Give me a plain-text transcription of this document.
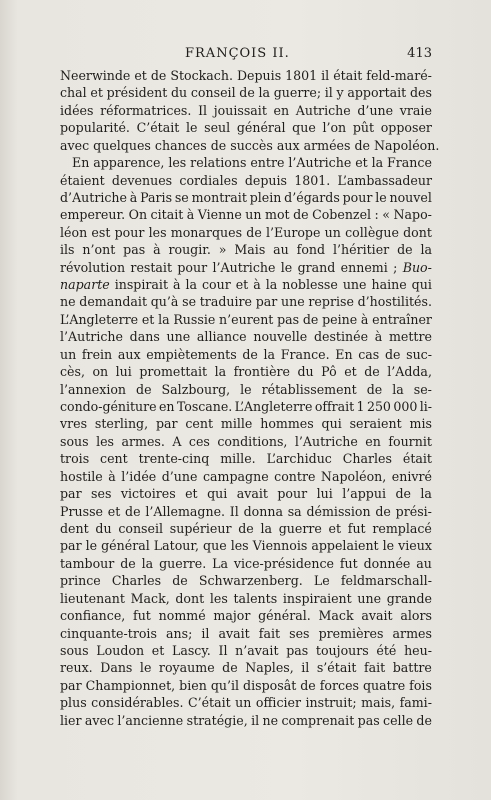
FRANÇOIS II.	413
Neerwinde et de Stockach. Depuis 1801 il était feld-maré-
chal et président du conseil de la guerre; il y apportait des
idées réformatrices. Il jouissait en Autriche d’une vraie
popularité. C’était le seul général que l’on pût opposer
avec
quelques
chances
de
succès
aux
armées
de
Napoléon.
En apparence, les relations entre l’Autriche et la France
étaient devenues cordiales depuis 1801. L’ambassadeur
d’Autriche à Paris se montrait plein d’égards pour le nouvel
empereur. On citait à Vienne un mot de Cobenzel : « Napo-
léon est pour les monarques de l’Europe un collègue dont
ils n’ont pas à rougir. » Mais au fond l’héritier de la
révolution restait pour l’Autriche le grand ennemi ; Buo-
naparte inspirait à la cour et à la noblesse une haine qui
ne demandait qu’à se traduire par une reprise d’hostilités.
L’Angleterre et la Russie n’eurent pas de peine à entraîner
l’Autriche dans une alliance nouvelle destinée à mettre
un frein aux empiètements de la France. En cas de suc-
cès, on lui promettait la frontière du Pô et de l’Adda,
l’annexion de Salzbourg, le rétablissement de la se-
condo-géniture en Toscane. L’Angleterre offrait 1 250 000 li-
vres sterling, par cent mille hommes qui seraient mis
sous les armes. A ces conditions, l’Autriche en fournit
trois cent trente-cinq mille. L’archiduc Charles était
hostile à l’idée d’une campagne contre Napoléon, enivré
par ses victoires et qui avait pour lui l’appui de la
Prusse et de l’Allemagne. Il donna sa démission de prési-
dent du conseil supérieur de la guerre et fut remplacé
par le général Latour, que les Viennois appelaient le vieux
tambour de la guerre. La vice-présidence fut donnée au
prince Charles de Schwarzenberg. Le feldmarschall-
lieutenant Mack, dont les talents inspiraient une grande
confiance, fut nommé major général. Mack avait alors
cinquante-trois ans; il avait fait ses premières armes
sous Loudon et Lascy. Il n’avait pas toujours été heu-
reux. Dans le royaume de Naples, il s’était fait battre
par Championnet, bien qu’il disposât de forces quatre fois
plus considérables. C’était un officier instruit; mais, fami-
lier avec l’ancienne stratégie, il ne comprenait pas celle de
